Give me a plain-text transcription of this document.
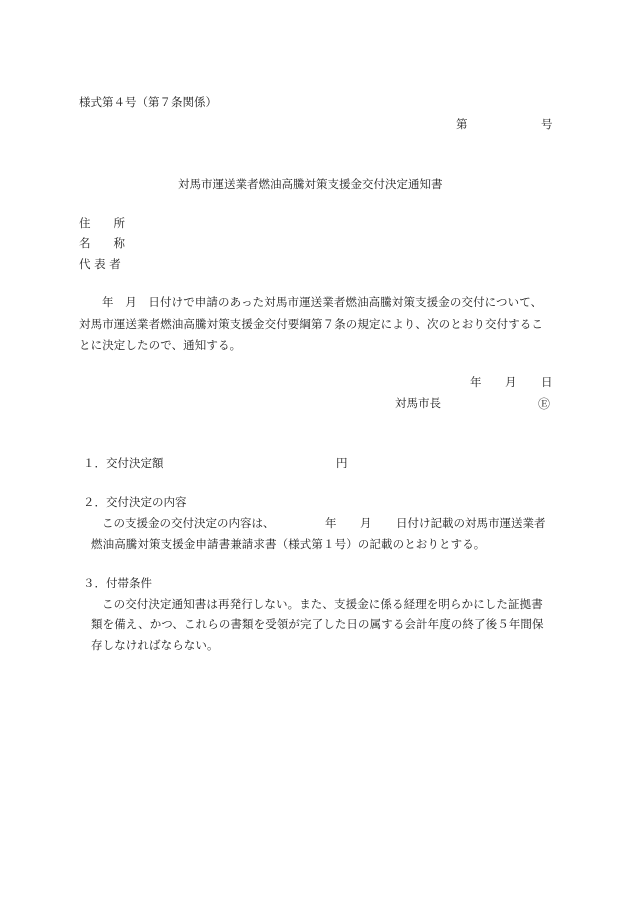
様式第４号（第７条関係）
第	号
対馬市運送業者燃油高騰対策支援金交付決定通知書
住　　所
名　　称
代 表 者
年　月　日付けで申請のあった対馬市運送業者燃油高騰対策支援金の交付について、
対馬市運送業者燃油高騰対策支援金交付要綱第７条の規定により、次のとおり交付するこ
とに決定したので、通知する。
年 月 日
対馬市長	Ⓔ
１．交付決定額	円
２．交付決定の内容
この支援金の交付決定の内容は、	年 月 日付け記載の対馬市運送業者
燃油高騰対策支援金申請書兼請求書（様式第１号）の記載のとおりとする。
３．付帯条件
この交付決定通知書は再発行しない。また、支援金に係る経理を明らかにした証拠書
類を備え、かつ、これらの書類を受領が完了した日の属する会計年度の終了後５年間保
存しなければならない。
